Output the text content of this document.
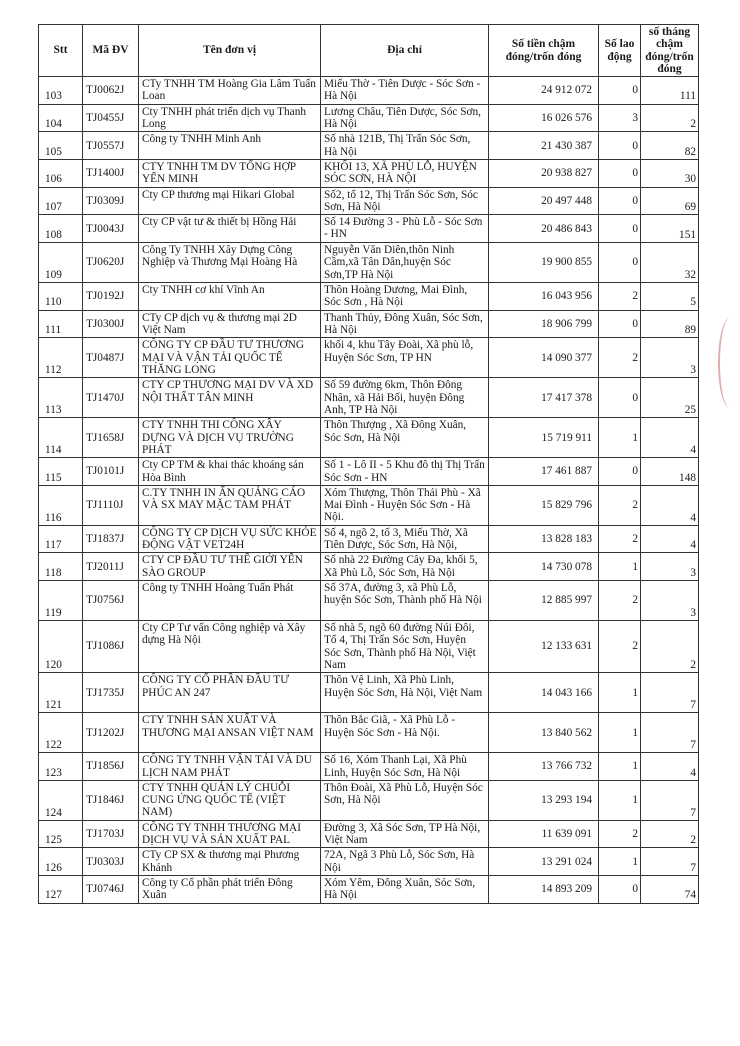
Stt	Mã ĐV	Tên đơn vị	Địa chỉ	Số tiền chậm đóng/trốn đóng	Số lao động	số tháng chậm đóng/trốn đóng
103	TJ0062J	CTy TNHH TM Hoàng Gia Lâm Tuấn Loan	Miếu Thờ - Tiên Dược - Sóc Sơn - Hà Nội	24 912 072	0	111
104	TJ0455J	Cty TNHH phát triển dịch vụ Thanh Long	Lương Châu, Tiên Dược, Sóc Sơn, Hà Nội	16 026 576	3	2
105	TJ0557J	Công ty TNHH Minh Anh	Số nhà 121B, Thị Trấn Sóc Sơn, Hà Nội	21 430 387	0	82
106	TJ1400J	CTY TNHH TM DV TỔNG HỢP YẾN MINH	KHỐI 13, XÃ PHÙ LỖ, HUYỆN SÓC SƠN, HÀ NỘI	20 938 827	0	30
107	TJ0309J	Cty CP thương mại Hikari Global	Số2, tổ 12, Thị Trấn Sóc Sơn, Sóc Sơn, Hà Nội	20 497 448	0	69
108	TJ0043J	Cty CP vật tư & thiết bị Hồng Hải	Số 14 Đường 3 - Phù Lỗ - Sóc Sơn - HN	20 486 843	0	151
109	TJ0620J	Công Ty TNHH Xây Dựng Công Nghiệp và Thương Mại Hoàng Hà	Nguyễn Văn Diên,thôn Ninh Cầm,xã Tân Dân,huyện Sóc Sơn,TP Hà Nội	19 900 855	0	32
110	TJ0192J	Cty TNHH cơ khí Vĩnh An	Thôn Hoàng Dương, Mai Đình, Sóc Sơn , Hà Nội	16 043 956	2	5
111	TJ0300J	CTy CP dịch vụ & thương mại 2D Việt Nam	Thanh Thủy, Đông Xuân, Sóc Sơn, Hà Nội	18 906 799	0	89
112	TJ0487J	CÔNG TY CP ĐẦU TƯ THƯƠNG MẠI VÀ VẬN TẢI QUỐC TẾ THĂNG LONG	khối 4, khu Tây Đoài, Xã phù lỗ, Huyện Sóc Sơn, TP HN	14 090 377	2	3
113	TJ1470J	CTY CP THƯƠNG MẠI DV VÀ XD NỘI THẤT TÂN MINH	Số 59 đường 6km, Thôn Đông Nhân, xã Hải Bối, huyện Đông Anh, TP Hà Nội	17 417 378	0	25
114	TJ1658J	CTY TNHH THI CÔNG XÂY DỰNG VÀ DỊCH VỤ TRƯỜNG PHÁT	Thôn Thượng , Xã Đông Xuân, Sóc Sơn, Hà Nội	15 719 911	1	4
115	TJ0101J	Cty CP TM & khai thác khoáng sản Hòa Bình	Số 1 - Lô II - 5 Khu đô thị Thị Trấn Sóc Sơn - HN	17 461 887	0	148
116	TJ1110J	C.TY TNHH IN ẤN QUẢNG CÁO VÀ SX MAY MẶC TAM PHÁT	Xóm Thượng, Thôn Thái Phù - Xã Mai Đình - Huyện Sóc Sơn - Hà Nội.	15 829 796	2	4
117	TJ1837J	CÔNG TY CP DỊCH VỤ SỨC KHỎE ĐỘNG VẬT VET24H	Số 4, ngõ 2, tổ 3, Miếu Thờ, Xã Tiên Dược, Sóc Sơn, Hà Nội,	13 828 183	2	4
118	TJ2011J	CTY CP ĐẦU TƯ THẾ GIỚI YẾN SÀO GROUP	Số nhà 22 Đường Cây Đa, khối 5, Xã Phù Lỗ, Sóc Sơn, Hà Nội	14 730 078	1	3
119	TJ0756J	Công ty TNHH Hoàng Tuấn Phát	Số 37A, đường 3, xã Phù Lỗ, huyện Sóc Sơn, Thành phố Hà Nội	12 885 997	2	3
120	TJ1086J	Cty CP Tư vấn Công nghiệp và Xây dựng Hà Nội	Số nhà 5, ngõ 60 đường Núi Đôi, Tổ 4, Thị Trấn Sóc Sơn, Huyện Sóc Sơn, Thành phố Hà Nội, Việt Nam	12 133 631	2	2
121	TJ1735J	CÔNG TY CỔ PHẦN ĐẦU TƯ PHÚC AN 247	Thôn Vệ Linh, Xã Phù Linh, Huyện Sóc Sơn, Hà Nội, Việt Nam	14 043 166	1	7
122	TJ1202J	CTY TNHH SẢN XUẤT VÀ THƯƠNG MẠI ANSAN VIỆT NAM	Thôn Bắc Giã, - Xã Phù Lỗ - Huyện Sóc Sơn - Hà Nội.	13 840 562	1	7
123	TJ1856J	CÔNG TY TNHH VẬN TẢI VÀ DU LỊCH NAM PHÁT	Số 16, Xóm Thanh Lại, Xã Phù Linh, Huyện Sóc Sơn, Hà Nội	13 766 732	1	4
124	TJ1846J	CTY TNHH QUẢN LÝ CHUỖI CUNG ỨNG QUỐC TẾ (VIỆT NAM)	Thôn Đoài, Xã Phù Lỗ, Huyện Sóc Sơn, Hà Nội	13 293 194	1	7
125	TJ1703J	CÔNG TY TNHH THƯƠNG MẠI DỊCH VỤ VÀ SẢN XUẤT PAL	Đường 3, Xã Sóc Sơn, TP Hà Nội, Việt Nam	11 639 091	2	2
126	TJ0303J	CTy CP SX & thương mại Phương Khánh	72A, Ngã 3 Phù Lỗ, Sóc Sơn, Hà Nội	13 291 024	1	7
127	TJ0746J	Công ty Cổ phần phát triển Đông Xuân	Xóm Yêm, Đông Xuân, Sóc Sơn, Hà Nội	14 893 209	0	74
